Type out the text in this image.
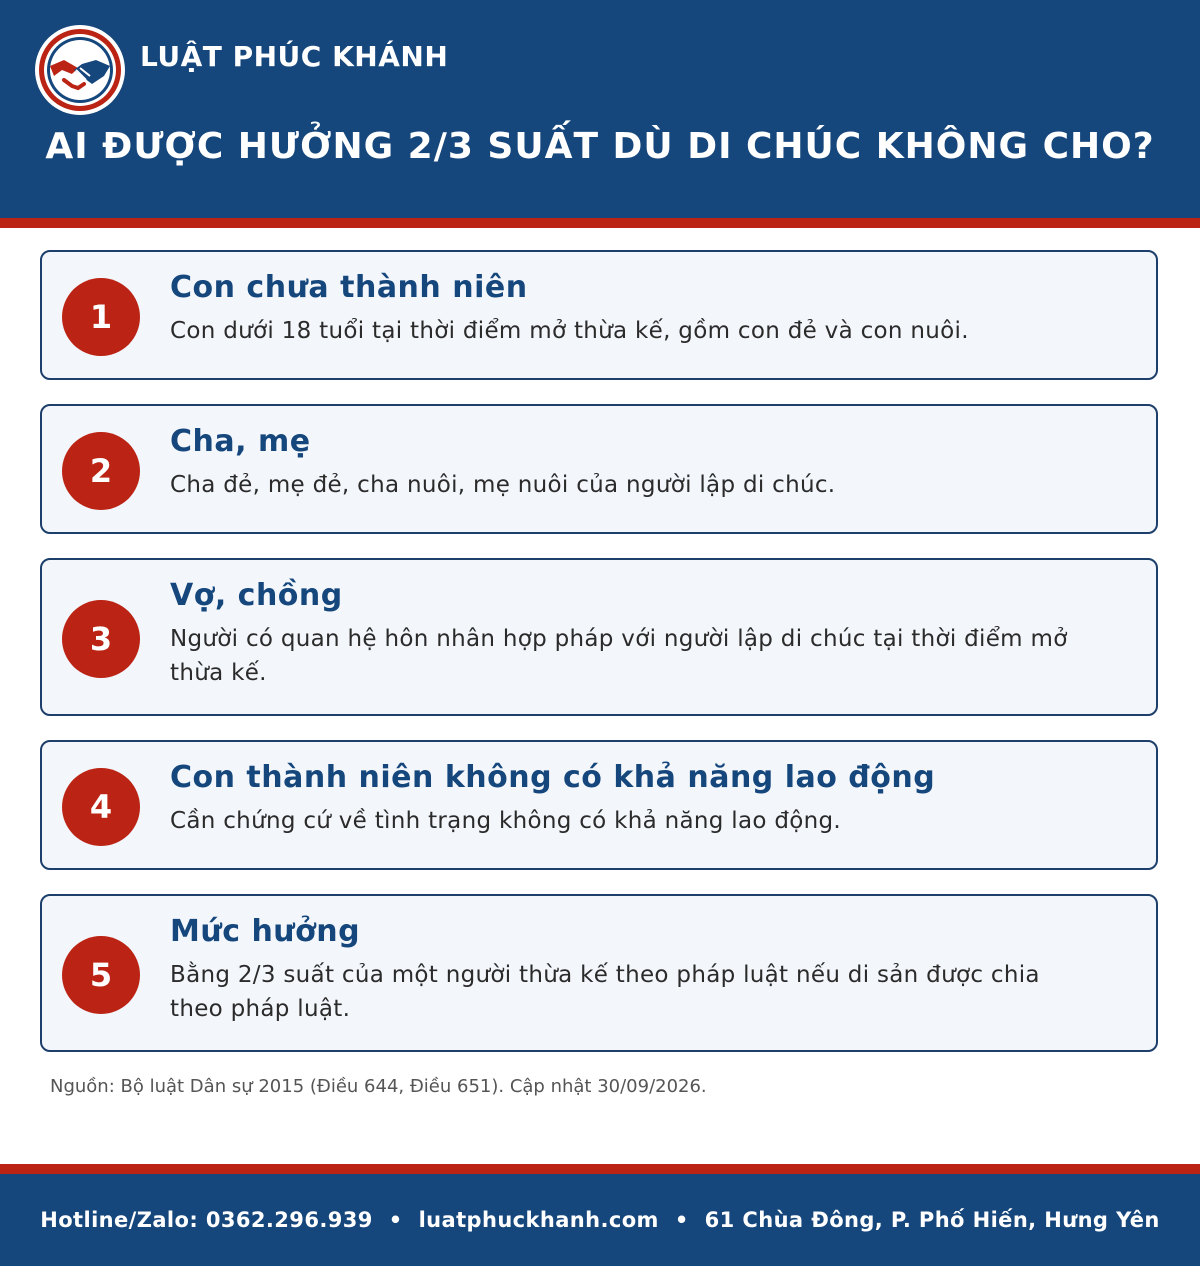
LUẬT PHÚC KHÁNH
AI ĐƯỢC HƯỞNG 2/3 SUẤT DÙ DI CHÚC KHÔNG CHO?
1
Con chưa thành niên
Con dưới 18 tuổi tại thời điểm mở thừa kế, gồm con đẻ và con nuôi.
2
Cha, mẹ
Cha đẻ, mẹ đẻ, cha nuôi, mẹ nuôi của người lập di chúc.
3
Vợ, chồng
Người có quan hệ hôn nhân hợp pháp với người lập di chúc tại thời điểm mở thừa kế.
4
Con thành niên không có khả năng lao động
Cần chứng cứ về tình trạng không có khả năng lao động.
5
Mức hưởng
Bằng 2/3 suất của một người thừa kế theo pháp luật nếu di sản được chia theo pháp luật.
Nguồn: Bộ luật Dân sự 2015 (Điều 644, Điều 651). Cập nhật 30/09/2026.
Hotline/Zalo: 0362.296.939 • luatphuckhanh.com • 61 Chùa Đông, P. Phố Hiến, Hưng Yên
